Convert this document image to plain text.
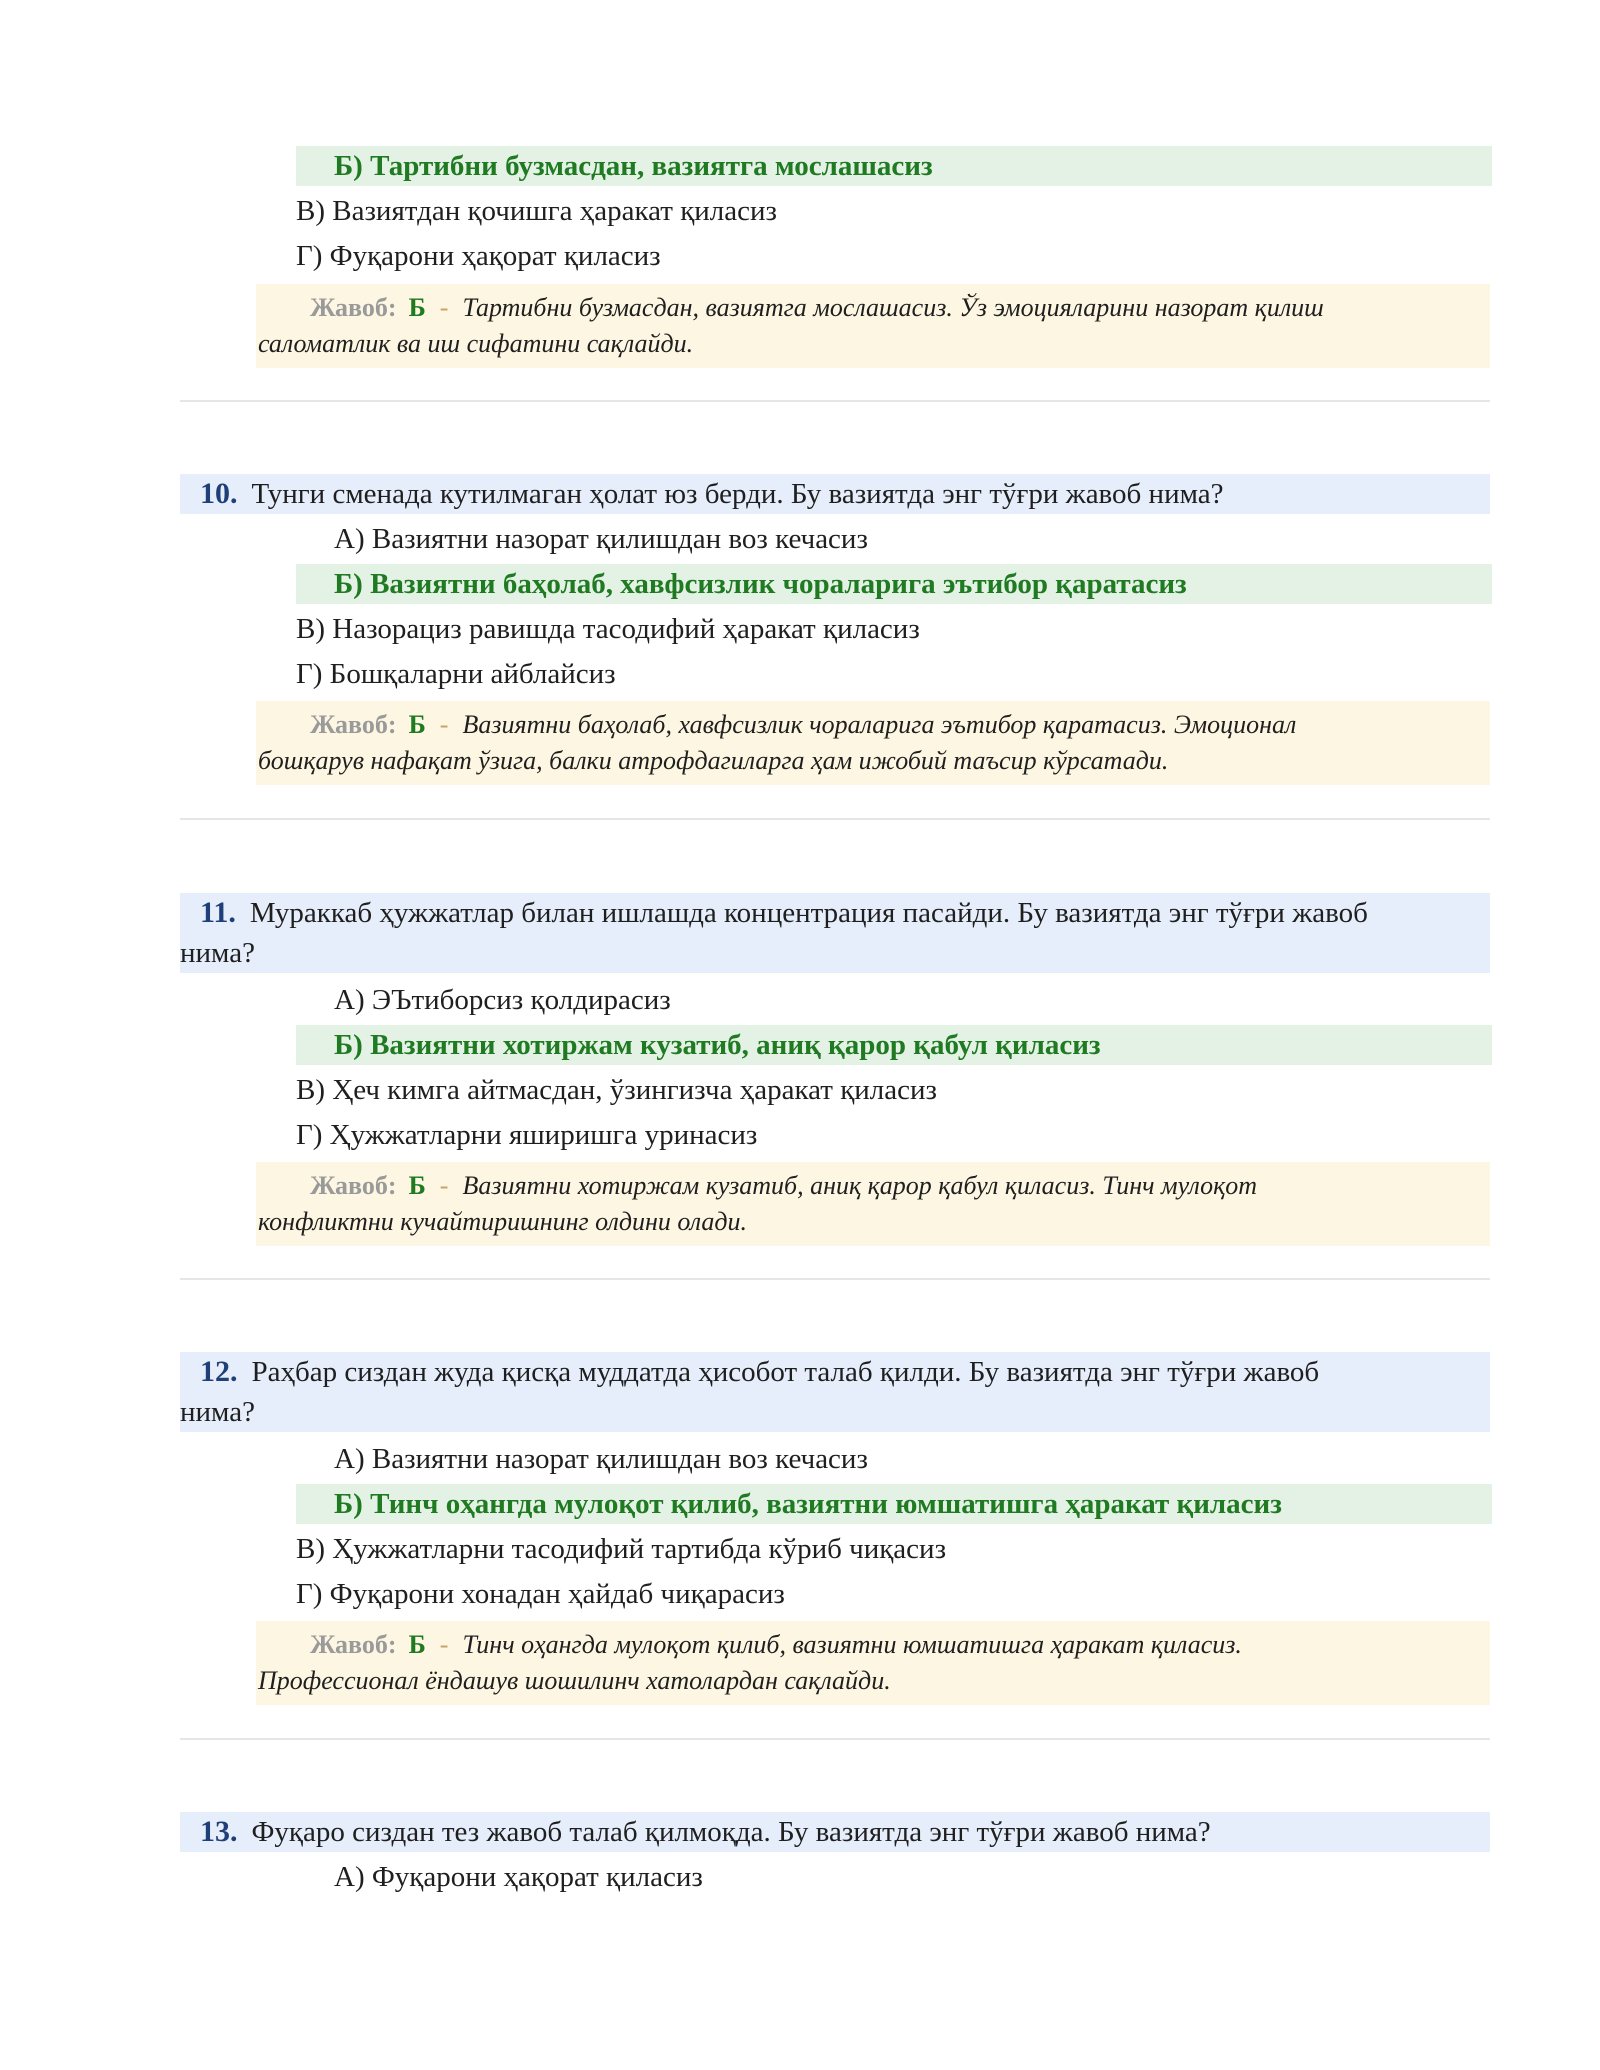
Б) Тартибни бузмасдан, вазиятга мослашасиз
В) Вазиятдан қочишга ҳаракат қиласиз
Г) Фуқарони ҳақорат қиласиз
Жавоб: Б - Тартибни бузмасдан, вазиятга мослашасиз. Ўз эмоцияларини назорат қилиш
саломатлик ва иш сифатини сақлайди.
10. Тунги сменада кутилмаган ҳолат юз берди. Бу вазиятда энг тўғри жавоб нима?
А) Вазиятни назорат қилишдан воз кечасиз
Б) Вазиятни баҳолаб, хавфсизлик чораларига эътибор қаратасиз
В) Назорациз равишда тасодифий ҳаракат қиласиз
Г) Бошқаларни айблайсиз
Жавоб: Б - Вазиятни баҳолаб, хавфсизлик чораларига эътибор қаратасиз. Эмоционал
бошқарув нафақат ўзига, балки атрофдагиларга ҳам ижобий таъсир кўрсатади.
11. Мураккаб ҳужжатлар билан ишлашда концентрация пасайди. Бу вазиятда энг тўғри жавоб
нима?
А) ЭЪтиборсиз қолдирасиз
Б) Вазиятни хотиржам кузатиб, аниқ қарор қабул қиласиз
В) Ҳеч кимга айтмасдан, ўзингизча ҳаракат қиласиз
Г) Ҳужжатларни яширишга уринасиз
Жавоб: Б - Вазиятни хотиржам кузатиб, аниқ қарор қабул қиласиз. Тинч мулоқот
конфликтни кучайтиришнинг олдини олади.
12. Раҳбар сиздан жуда қисқа муддатда ҳисобот талаб қилди. Бу вазиятда энг тўғри жавоб
нима?
А) Вазиятни назорат қилишдан воз кечасиз
Б) Тинч оҳангда мулоқот қилиб, вазиятни юмшатишга ҳаракат қиласиз
В) Ҳужжатларни тасодифий тартибда кўриб чиқасиз
Г) Фуқарони хонадан ҳайдаб чиқарасиз
Жавоб: Б - Тинч оҳангда мулоқот қилиб, вазиятни юмшатишга ҳаракат қиласиз.
Профессионал ёндашув шошилинч хатолардан сақлайди.
13. Фуқаро сиздан тез жавоб талаб қилмоқда. Бу вазиятда энг тўғри жавоб нима?
А) Фуқарони ҳақорат қиласиз
